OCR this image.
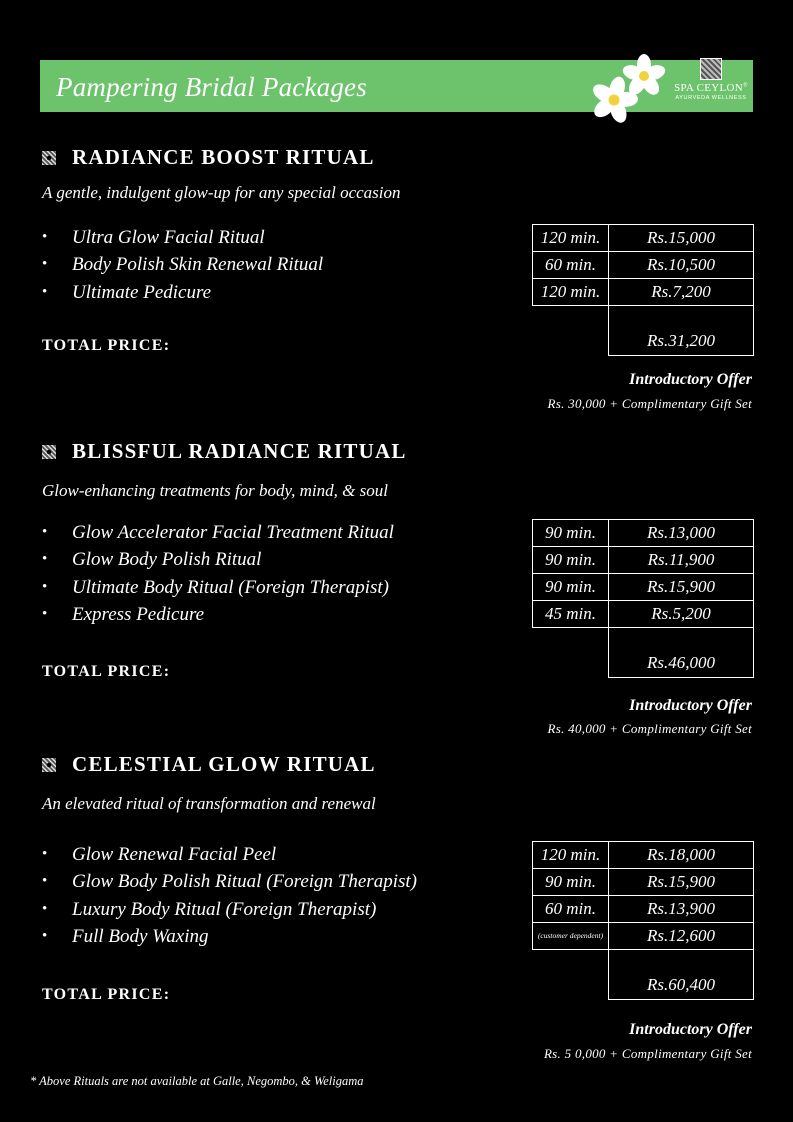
Pampering Bridal Packages	SPA CEYLON®
AYURVEDA WELLNESS
RADIANCE BOOST RITUAL
A gentle, indulgent glow-up for any special occasion
• Ultra Glow Facial Ritual
• Body Polish Skin Renewal Ritual
• Ultimate Pedicure
TOTAL PRICE:
120 min.	Rs.15,000
60 min.	Rs.10,500
120 min.	Rs.7,200
	Rs.31,200
Introductory Offer
Rs. 30,000 + Complimentary Gift Set
BLISSFUL RADIANCE RITUAL
Glow-enhancing treatments for body, mind, & soul
• Glow Accelerator Facial Treatment Ritual
• Glow Body Polish Ritual
• Ultimate Body Ritual (Foreign Therapist)
• Express Pedicure
TOTAL PRICE:
90 min.	Rs.13,000
90 min.	Rs.11,900
90 min.	Rs.15,900
45 min.	Rs.5,200
	Rs.46,000
Introductory Offer
Rs. 40,000 + Complimentary Gift Set
CELESTIAL GLOW RITUAL
An elevated ritual of transformation and renewal
• Glow Renewal Facial Peel
• Glow Body Polish Ritual (Foreign Therapist)
• Luxury Body Ritual (Foreign Therapist)
• Full Body Waxing
TOTAL PRICE:
120 min.	Rs.18,000
90 min.	Rs.15,900
60 min.	Rs.13,900
(customer dependent)	Rs.12,600
	Rs.60,400
Introductory Offer
Rs. 5 0,000 + Complimentary Gift Set
* Above Rituals are not available at Galle, Negombo, & Weligama
